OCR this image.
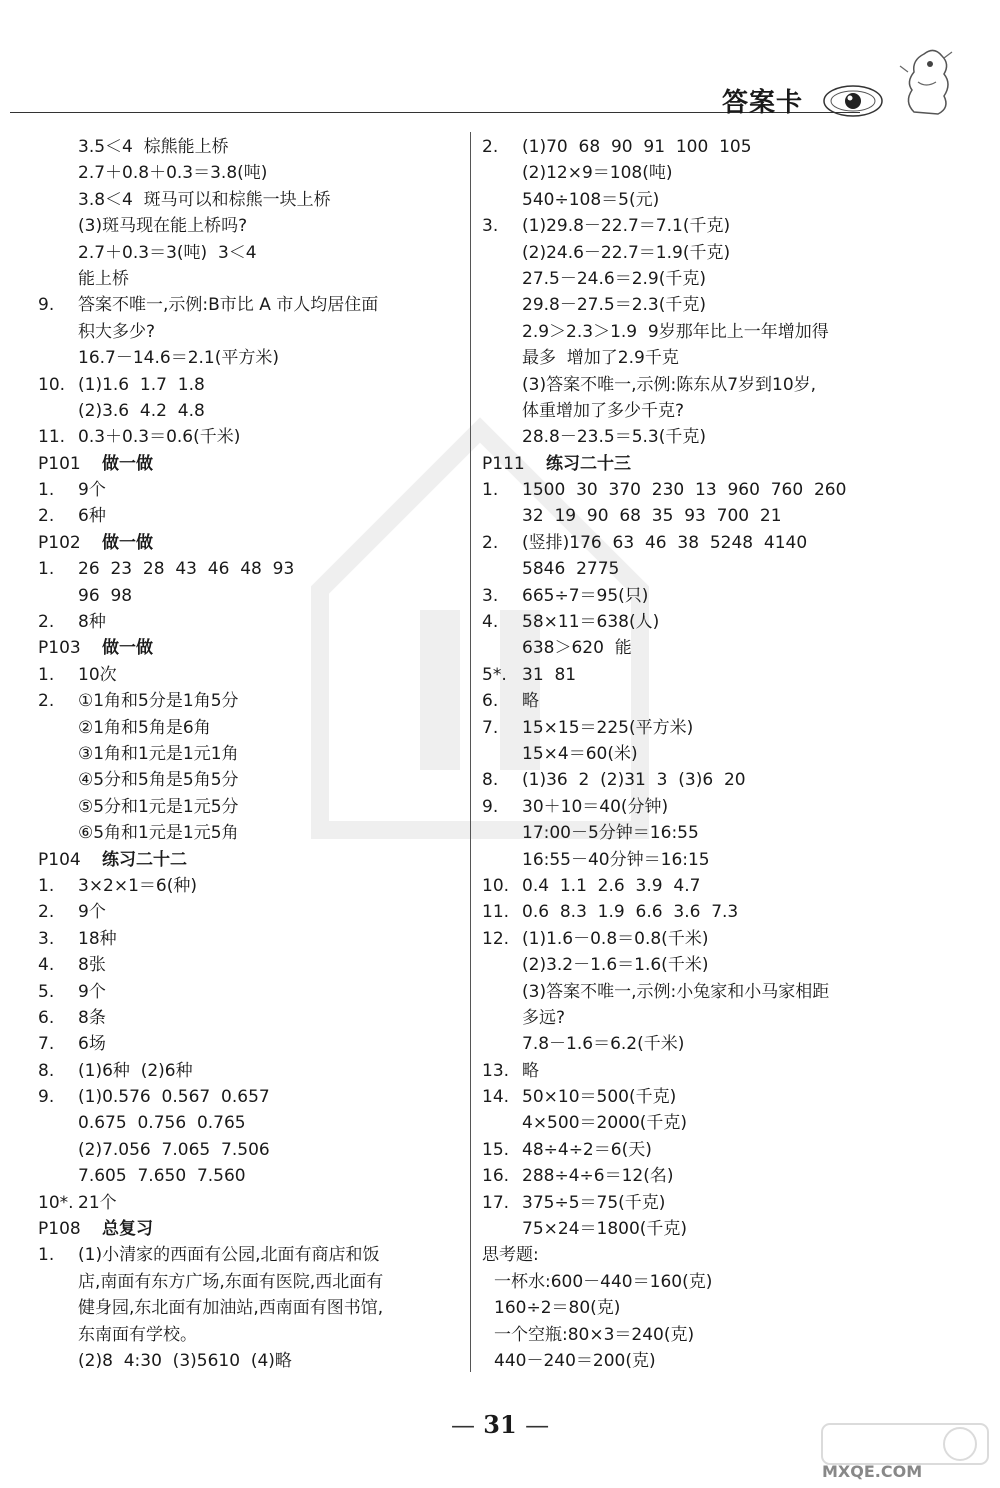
答案卡
3.5＜4  棕熊能上桥
2.7＋0.8＋0.3＝3.8(吨)
3.8＜4  斑马可以和棕熊一块上桥
(3)斑马现在能上桥吗?
2.7＋0.3＝3(吨)  3＜4
能上桥
9.	答案不唯一,示例:B市比 A 市人均居住面
积大多少?
16.7－14.6＝2.1(平方米)
10. (1)1.6  1.7  1.8
(2)3.6  4.2  4.8
11. 0.3＋0.3＝0.6(千米)
P101	做一做
1.	9个
2.	6种
P102	做一做
1.	26  23  28  43  46  48  93
96  98
2.	8种
P103	做一做
1.	10次
2.	①1角和5分是1角5分
②1角和5角是6角
③1角和1元是1元1角
④5分和5角是5角5分
⑤5分和1元是1元5分
⑥5角和1元是1元5角
P104	练习二十二
1.	3×2×1＝6(种)
2.	9个
3.	18种
4.	8张
5.	9个
6.	8条
7.	6场
8.	(1)6种  (2)6种
9.	(1)0.576  0.567  0.657
0.675  0.756  0.765
(2)7.056  7.065  7.506
7.605  7.650  7.560
10*. 21个
P108	总复习
1.	(1)小清家的西面有公园,北面有商店和饭
店,南面有东方广场,东面有医院,西北面有
健身园,东北面有加油站,西南面有图书馆,
东南面有学校。
(2)8  4:30  (3)5610  (4)略
2.	(1)70  68  90  91  100  105
(2)12×9＝108(吨)
540÷108＝5(元)
3.	(1)29.8－22.7＝7.1(千克)
(2)24.6－22.7＝1.9(千克)
27.5－24.6＝2.9(千克)
29.8－27.5＝2.3(千克)
2.9＞2.3＞1.9  9岁那年比上一年增加得
最多  增加了2.9千克
(3)答案不唯一,示例:陈东从7岁到10岁,
体重增加了多少千克?
28.8－23.5＝5.3(千克)
P111	练习二十三
1.	1500  30  370  230  13  960  760  260
32  19  90  68  35  93  700  21
2.	(竖排)176  63  46  38  5248  4140
5846  2775
3.	665÷7＝95(只)
4.	58×11＝638(人)
638＞620  能
5*. 31  81
6.	略
7.	15×15＝225(平方米)
15×4＝60(米)
8.	(1)36  2  (2)31  3  (3)6  20
9.	30＋10＝40(分钟)
17:00－5分钟＝16:55
16:55－40分钟＝16:15
10. 0.4  1.1  2.6  3.9  4.7
11. 0.6  8.3  1.9  6.6  3.6  7.3
12. (1)1.6－0.8＝0.8(千米)
(2)3.2－1.6＝1.6(千米)
(3)答案不唯一,示例:小兔家和小马家相距
多远?
7.8－1.6＝6.2(千米)
13. 略
14. 50×10＝500(千克)
4×500＝2000(千克)
15. 48÷4÷2＝6(天)
16. 288÷4÷6＝12(名)
17. 375÷5＝75(千克)
75×24＝1800(千克)
思考题:
一杯水:600－440＝160(克)
160÷2＝80(克)
一个空瓶:80×3＝240(克)
440－240＝200(克)
— 31 —
MXQE.COM
